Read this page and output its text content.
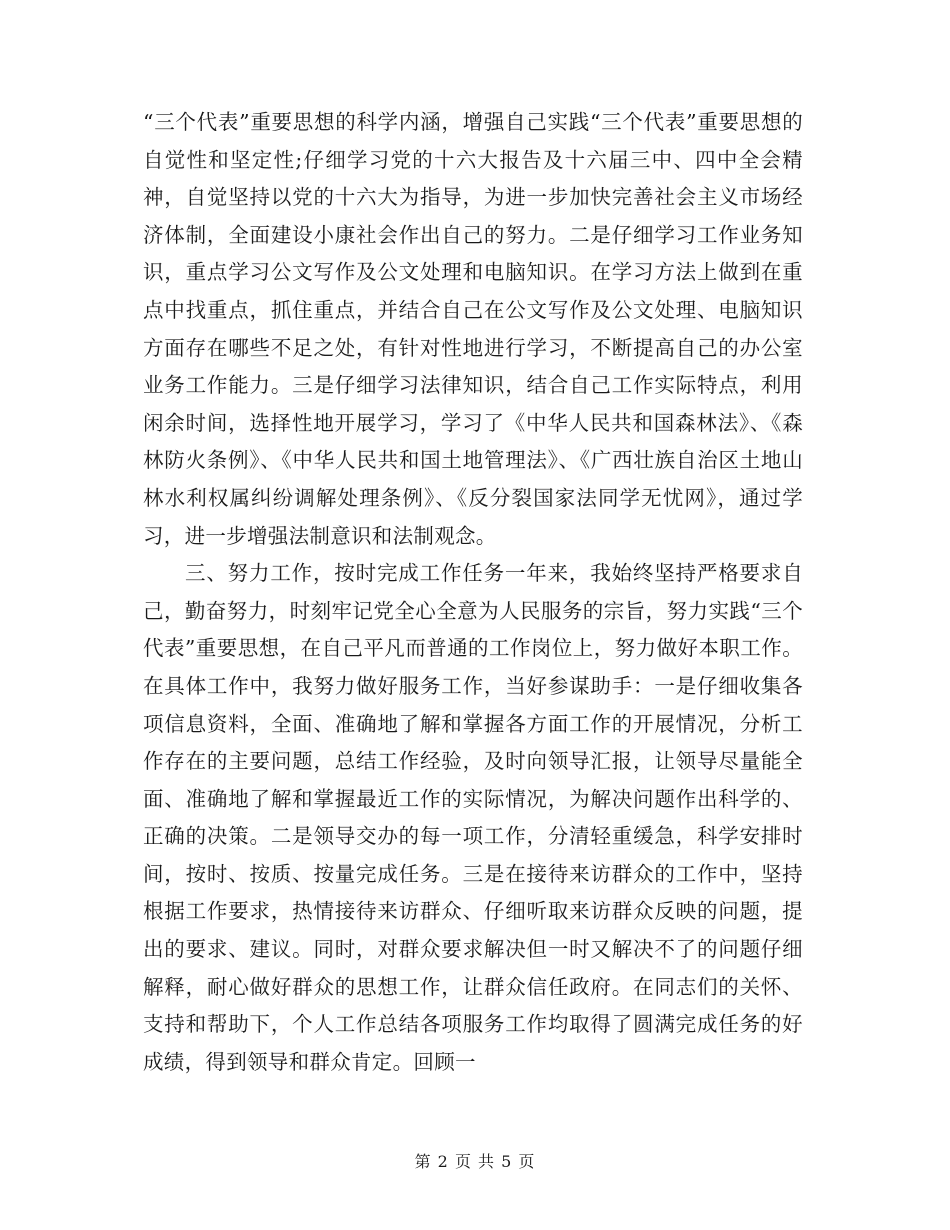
“三个代表”重要思想的科学内涵，增强自己实践“三个代表”重要思想的自觉性和坚定性;仔细学习党的十六大报告及十六届三中、四中全会精神，自觉坚持以党的十六大为指导，为进一步加快完善社会主义市场经济体制，全面建设小康社会作出自己的努力。二是仔细学习工作业务知识，重点学习公文写作及公文处理和电脑知识。在学习方法上做到在重点中找重点，抓住重点，并结合自己在公文写作及公文处理、电脑知识方面存在哪些不足之处，有针对性地进行学习，不断提高自己的办公室业务工作能力。三是仔细学习法律知识，结合自己工作实际特点，利用闲余时间，选择性地开展学习，学习了《中华人民共和国森林法》、《森林防火条例》、《中华人民共和国土地管理法》、《广西壮族自治区土地山林水利权属纠纷调解处理条例》、《反分裂国家法同学无忧网》，通过学习，进一步增强法制意识和法制观念。

三、努力工作，按时完成工作任务一年来，我始终坚持严格要求自己，勤奋努力，时刻牢记党全心全意为人民服务的宗旨，努力实践“三个代表”重要思想，在自己平凡而普通的工作岗位上，努力做好本职工作。在具体工作中，我努力做好服务工作，当好参谋助手：一是仔细收集各项信息资料，全面、准确地了解和掌握各方面工作的开展情况，分析工作存在的主要问题，总结工作经验，及时向领导汇报，让领导尽量能全面、准确地了解和掌握最近工作的实际情况，为解决问题作出科学的、正确的决策。二是领导交办的每一项工作，分清轻重缓急，科学安排时间，按时、按质、按量完成任务。三是在接待来访群众的工作中，坚持根据工作要求，热情接待来访群众、仔细听取来访群众反映的问题，提出的要求、建议。同时，对群众要求解决但一时又解决不了的问题仔细解释，耐心做好群众的思想工作，让群众信任政府。在同志们的关怀、支持和帮助下，个人工作总结各项服务工作均取得了圆满完成任务的好成绩，得到领导和群众肯定。回顾一

第 2 页 共 5 页
